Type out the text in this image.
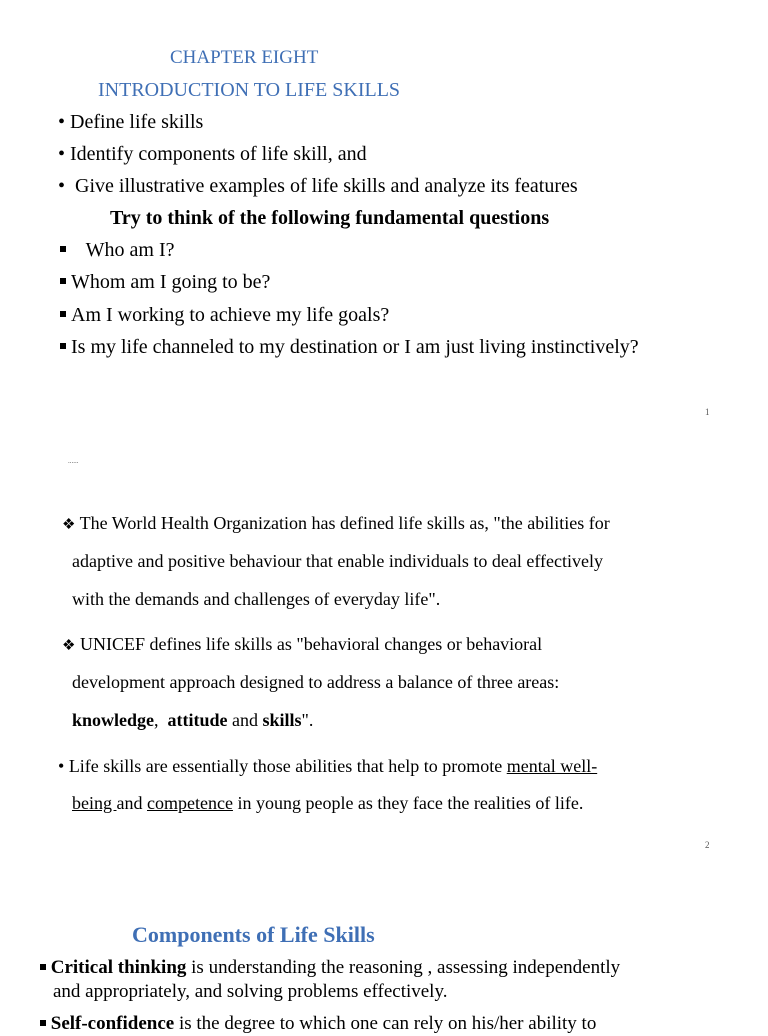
CHAPTER EIGHT
INTRODUCTION TO LIFE SKILLS
• Define life skills
• Identify components of life skill, and
• Give illustrative examples of life skills and analyze its features
Try to think of the following fundamental questions
Who am I?
Whom am I going to be?
Am I working to achieve my life goals?
Is my life channeled to my destination or I am just living instinctively?
1
......
❖ The World Health Organization has defined life skills as, "the abilities for
adaptive and positive behaviour that enable individuals to deal effectively
with the demands and challenges of everyday life".
❖ UNICEF defines life skills as "behavioral changes or behavioral
development approach designed to address a balance of three areas:
knowledge, attitude and skills".
• Life skills are essentially those abilities that help to promote mental well-
being and competence in young people as they face the realities of life.
2
Components of Life Skills
Critical thinking is understanding the reasoning , assessing independently
and appropriately, and solving problems effectively.
Self-confidence is the degree to which one can rely on his/her ability to
